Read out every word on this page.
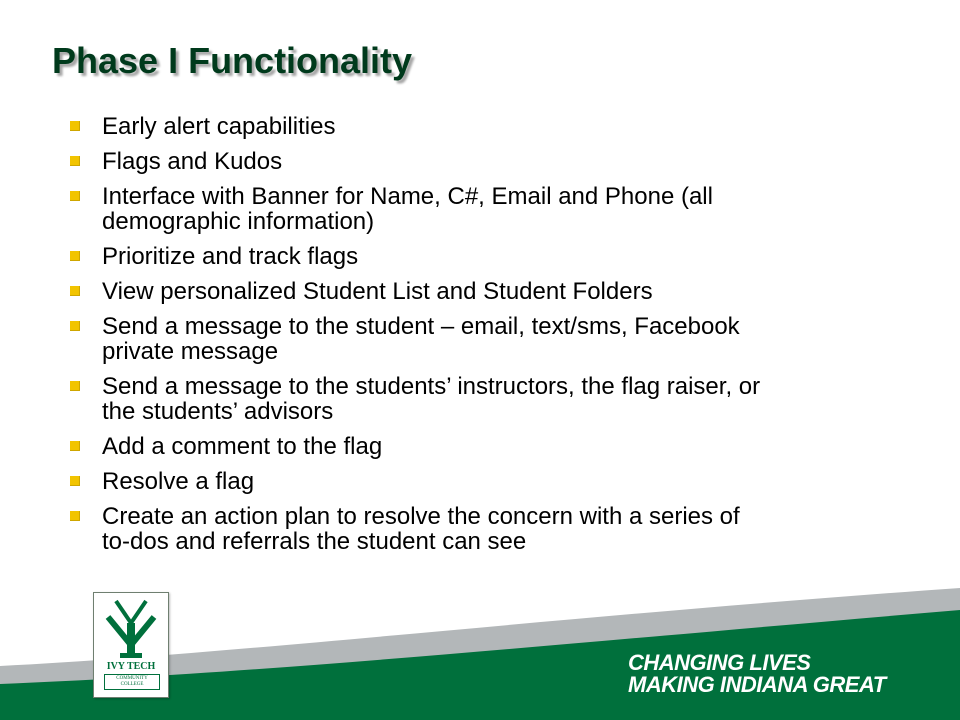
Phase I Functionality
Early alert capabilities
Flags and Kudos
Interface with Banner for Name, C#, Email and Phone (all
demographic information)
Prioritize and track flags
View personalized Student List and Student Folders
Send a message to the student – email, text/sms, Facebook
private message
Send a message to the students’ instructors, the flag raiser, or
the students’ advisors
Add a comment to the flag
Resolve a flag
Create an action plan to resolve the concern with a series of
to-dos and referrals the student can see
IVY TECH
COMMUNITY
COLLEGE

CHANGING LIVES
MAKING INDIANA GREAT
